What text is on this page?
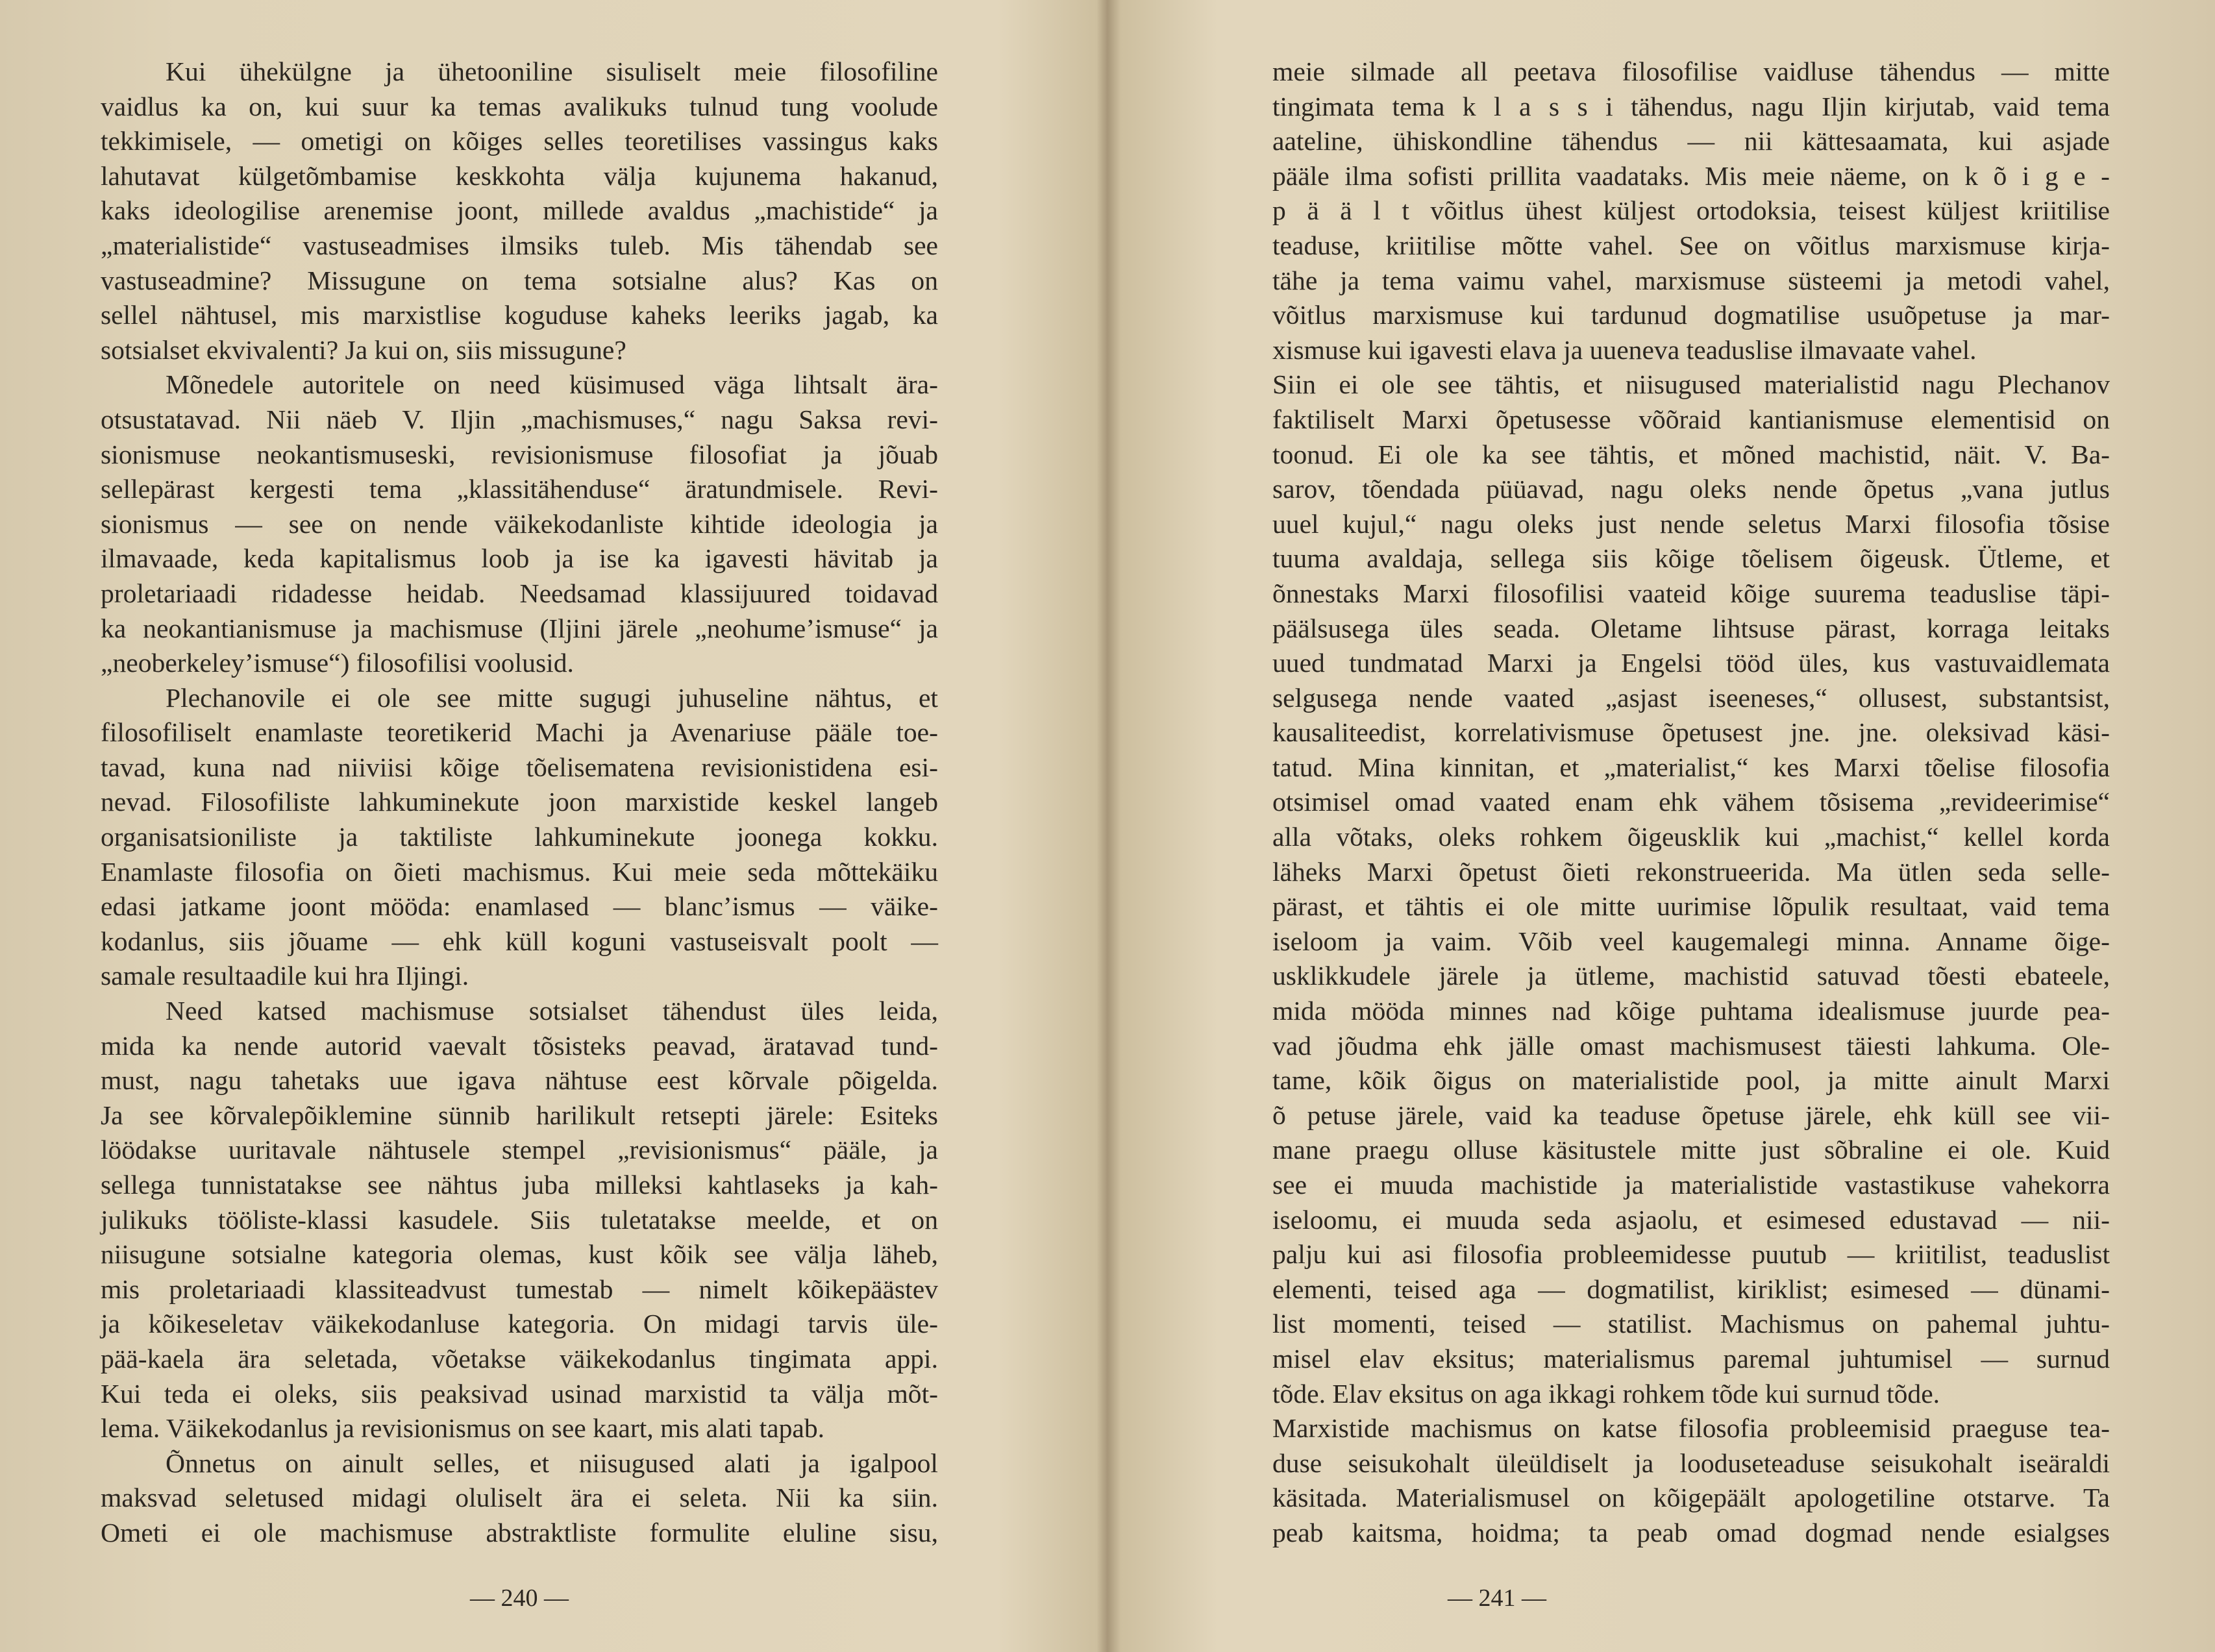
Kui ühekülgne ja ühetooniline sisuliselt meie filosofiline
vaidlus ka on, kui suur ka temas avalikuks tulnud tung voolude
tekkimisele, — ometigi on kõiges selles teoretilises vassingus kaks
lahutavat külgetõmbamise keskkohta välja kujunema hakanud,
kaks ideologilise arenemise joont, millede avaldus „machistide“ ja
„materialistide“ vastuseadmises ilmsiks tuleb. Mis tähendab see
vastuseadmine? Missugune on tema sotsialne alus? Kas on
sellel nähtusel, mis marxistlise koguduse kaheks leeriks jagab, ka
sotsialset ekvivalenti? Ja kui on, siis missugune?
Mõnedele autoritele on need küsimused väga lihtsalt ära-
otsustatavad. Nii näeb V. Iljin „machismuses,“ nagu Saksa revi-
sionismuse neokantismuseski, revisionismuse filosofiat ja jõuab
sellepärast kergesti tema „klassitähenduse“ äratundmisele. Revi-
sionismus — see on nende väikekodanliste kihtide ideologia ja
ilmavaade, keda kapitalismus loob ja ise ka igavesti hävitab ja
proletariaadi ridadesse heidab. Needsamad klassijuured toidavad
ka neokantianismuse ja machismuse (Iljini järele „neohume’ismuse“ ja
„neoberkeley’ismuse“) filosofilisi voolusid.
Plechanovile ei ole see mitte sugugi juhuseline nähtus, et
filosofiliselt enamlaste teoretikerid Machi ja Avenariuse pääle toe-
tavad, kuna nad niiviisi kõige tõelisematena revisionistidena esi-
nevad. Filosofiliste lahkuminekute joon marxistide keskel langeb
organisatsioniliste ja taktiliste lahkuminekute joonega kokku.
Enamlaste filosofia on õieti machismus. Kui meie seda mõttekäiku
edasi jatkame joont mööda: enamlased — blanc’ismus — väike-
kodanlus, siis jõuame — ehk küll koguni vastuseisvalt poolt —
samale resultaadile kui hra Iljingi.
Need katsed machismuse sotsialset tähendust üles leida,
mida ka nende autorid vaevalt tõsisteks peavad, äratavad tund-
must, nagu tahetaks uue igava nähtuse eest kõrvale põigelda.
Ja see kõrvalepõiklemine sünnib harilikult retsepti järele: Esiteks
löödakse uuritavale nähtusele stempel „revisionismus“ pääle, ja
sellega tunnistatakse see nähtus juba milleksi kahtlaseks ja kah-
julikuks tööliste-klassi kasudele. Siis tuletatakse meelde, et on
niisugune sotsialne kategoria olemas, kust kõik see välja läheb,
mis proletariaadi klassiteadvust tumestab — nimelt kõikepäästev
ja kõikeseletav väikekodanluse kategoria. On midagi tarvis üle-
pää-kaela ära seletada, võetakse väikekodanlus tingimata appi.
Kui teda ei oleks, siis peaksivad usinad marxistid ta välja mõt-
lema. Väikekodanlus ja revisionismus on see kaart, mis alati tapab.
Õnnetus on ainult selles, et niisugused alati ja igalpool
maksvad seletused midagi oluliselt ära ei seleta. Nii ka siin.
Ometi ei ole machismuse abstraktliste formulite eluline sisu,
— 240 —
meie silmade all peetava filosofilise vaidluse tähendus — mitte
tingimata tema k l a s s i tähendus, nagu Iljin kirjutab, vaid tema
aateline, ühiskondline tähendus — nii kättesaamata, kui asjade
pääle ilma sofisti prillita vaadataks. Mis meie näeme, on k õ i g e -
p ä ä l t võitlus ühest küljest ortodoksia, teisest küljest kriitilise
teaduse, kriitilise mõtte vahel. See on võitlus marxismuse kirja-
tähe ja tema vaimu vahel, marxismuse süsteemi ja metodi vahel,
võitlus marxismuse kui tardunud dogmatilise usuõpetuse ja mar-
xismuse kui igavesti elava ja uueneva teaduslise ilmavaate vahel.
Siin ei ole see tähtis, et niisugused materialistid nagu Plechanov
faktiliselt Marxi õpetusesse võõraid kantianismuse elementisid on
toonud. Ei ole ka see tähtis, et mõned machistid, näit. V. Ba-
sarov, tõendada püüavad, nagu oleks nende õpetus „vana jutlus
uuel kujul,“ nagu oleks just nende seletus Marxi filosofia tõsise
tuuma avaldaja, sellega siis kõige tõelisem õigeusk. Ütleme, et
õnnestaks Marxi filosofilisi vaateid kõige suurema teaduslise täpi-
päälsusega üles seada. Oletame lihtsuse pärast, korraga leitaks
uued tundmatad Marxi ja Engelsi tööd üles, kus vastuvaidlemata
selgusega nende vaated „asjast iseeneses,“ ollusest, substantsist,
kausaliteedist, korrelativismuse õpetusest jne. jne. oleksivad käsi-
tatud. Mina kinnitan, et „materialist,“ kes Marxi tõelise filosofia
otsimisel omad vaated enam ehk vähem tõsisema „revideerimise“
alla võtaks, oleks rohkem õigeusklik kui „machist,“ kellel korda
läheks Marxi õpetust õieti rekonstrueerida. Ma ütlen seda selle-
pärast, et tähtis ei ole mitte uurimise lõpulik resultaat, vaid tema
iseloom ja vaim. Võib veel kaugemalegi minna. Anname õige-
usklikkudele järele ja ütleme, machistid satuvad tõesti ebateele,
mida mööda minnes nad kõige puhtama idealismuse juurde pea-
vad jõudma ehk jälle omast machismusest täiesti lahkuma. Ole-
tame, kõik õigus on materialistide pool, ja mitte ainult Marxi
õ petuse järele, vaid ka teaduse õpetuse järele, ehk küll see vii-
mane praegu olluse käsitustele mitte just sõbraline ei ole. Kuid
see ei muuda machistide ja materialistide vastastikuse vahekorra
iseloomu, ei muuda seda asjaolu, et esimesed edustavad — nii-
palju kui asi filosofia probleemidesse puutub — kriitilist, teaduslist
elementi, teised aga — dogmatilist, kiriklist; esimesed — dünami-
list momenti, teised — statilist. Machismus on pahemal juhtu-
misel elav eksitus; materialismus paremal juhtumisel — surnud
tõde. Elav eksitus on aga ikkagi rohkem tõde kui surnud tõde.
Marxistide machismus on katse filosofia probleemisid praeguse tea-
duse seisukohalt üleüldiselt ja looduseteaduse seisukohalt iseäraldi
käsitada. Materialismusel on kõigepäält apologetiline otstarve. Ta
peab kaitsma, hoidma; ta peab omad dogmad nende esialgses
— 241 —
